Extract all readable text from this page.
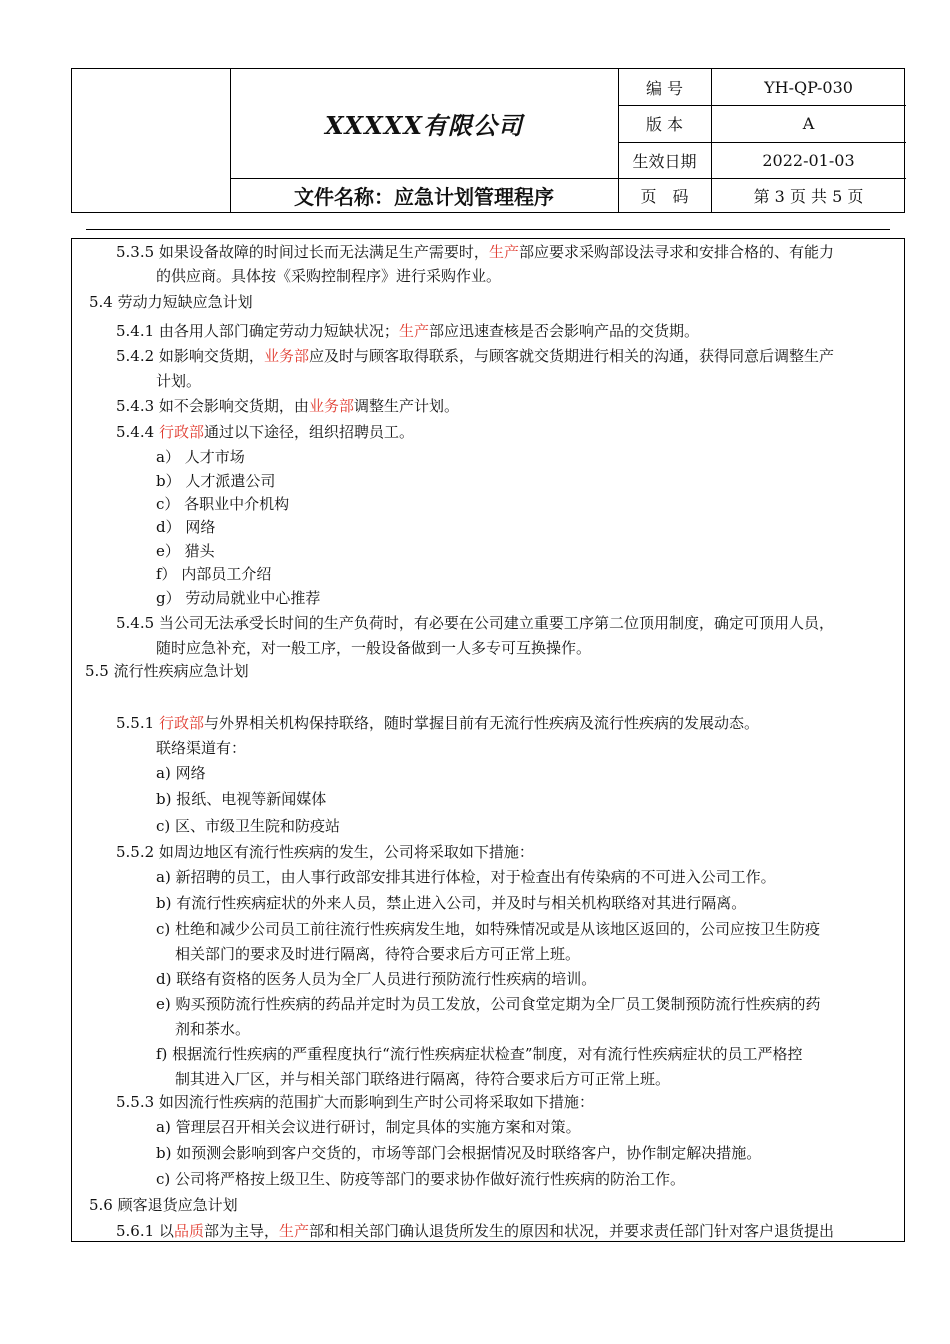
XXXXX有限公司
文件名称：应急计划管理程序
编 号	YH-QP-030
版 本	A
生效日期	2022-01-03
页　码	第 3 页 共 5 页
5.3.5 如果设备故障的时间过长而无法满足生产需要时，生产部应要求采购部设法寻求和安排合格的、有能力
的供应商。具体按《采购控制程序》进行采购作业。
5.4 劳动力短缺应急计划
5.4.1 由各用人部门确定劳动力短缺状况；生产部应迅速查核是否会影响产品的交货期。
5.4.2 如影响交货期，业务部应及时与顾客取得联系，与顾客就交货期进行相关的沟通，获得同意后调整生产
计划。
5.4.3 如不会影响交货期，由业务部调整生产计划。
5.4.4 行政部通过以下途径，组织招聘员工。
a） 人才市场
b） 人才派遣公司
c） 各职业中介机构
d） 网络
e） 猎头
f） 内部员工介绍
g） 劳动局就业中心推荐
5.4.5 当公司无法承受长时间的生产负荷时，有必要在公司建立重要工序第二位顶用制度，确定可顶用人员，
随时应急补充，对一般工序，一般设备做到一人多专可互换操作。
5.5 流行性疾病应急计划
5.5.1 行政部与外界相关机构保持联络，随时掌握目前有无流行性疾病及流行性疾病的发展动态。
联络渠道有：
a) 网络
b) 报纸、电视等新闻媒体
c) 区、市级卫生院和防疫站
5.5.2 如周边地区有流行性疾病的发生，公司将采取如下措施：
a) 新招聘的员工，由人事行政部安排其进行体检，对于检查出有传染病的不可进入公司工作。
b) 有流行性疾病症状的外来人员，禁止进入公司，并及时与相关机构联络对其进行隔离。
c) 杜绝和减少公司员工前往流行性疾病发生地，如特殊情况或是从该地区返回的，公司应按卫生防疫
相关部门的要求及时进行隔离，待符合要求后方可正常上班。
d) 联络有资格的医务人员为全厂人员进行预防流行性疾病的培训。
e) 购买预防流行性疾病的药品并定时为员工发放，公司食堂定期为全厂员工煲制预防流行性疾病的药
剂和茶水。
f) 根据流行性疾病的严重程度执行“流行性疾病症状检查”制度，对有流行性疾病症状的员工严格控
制其进入厂区，并与相关部门联络进行隔离，待符合要求后方可正常上班。
5.5.3 如因流行性疾病的范围扩大而影响到生产时公司将采取如下措施：
a) 管理层召开相关会议进行研讨，制定具体的实施方案和对策。
b) 如预测会影响到客户交货的，市场等部门会根据情况及时联络客户，协作制定解决措施。
c) 公司将严格按上级卫生、防疫等部门的要求协作做好流行性疾病的防治工作。
5.6 顾客退货应急计划
5.6.1 以品质部为主导，生产部和相关部门确认退货所发生的原因和状况，并要求责任部门针对客户退货提出
